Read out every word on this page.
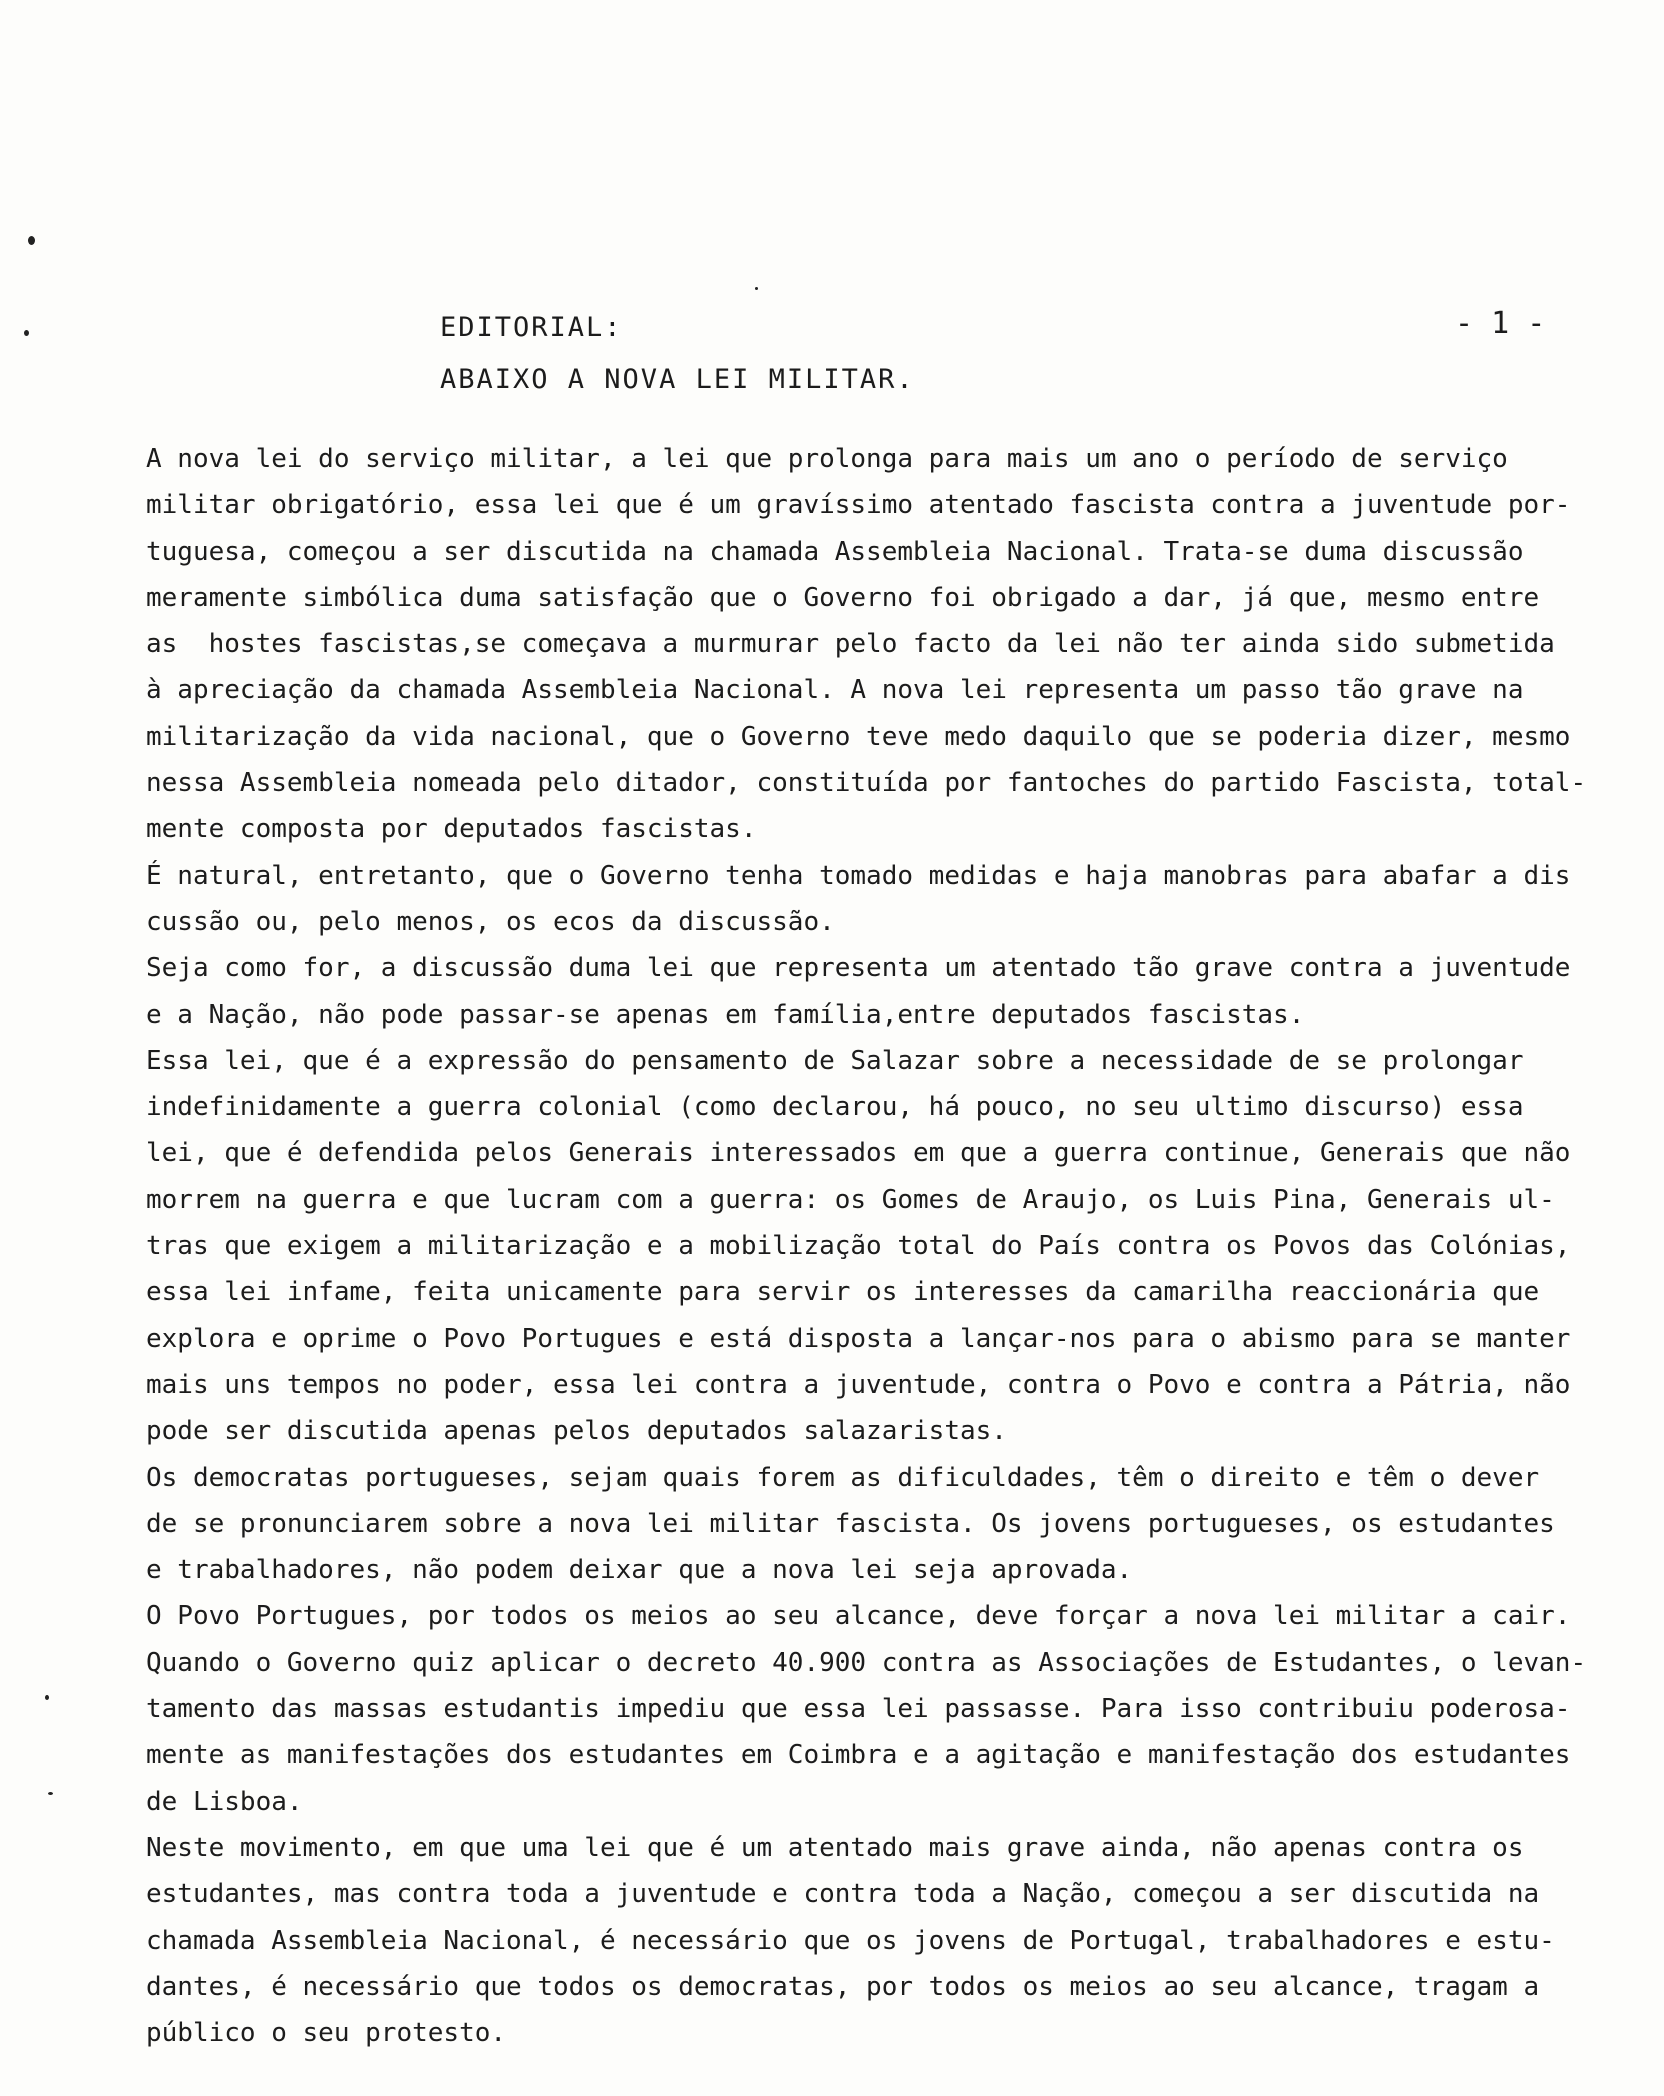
EDITORIAL:
ABAIXO A NOVA LEI MILITAR.
- 1 -
A nova lei do serviço militar, a lei que prolonga para mais um ano o período de serviço
militar obrigatório, essa lei que é um gravíssimo atentado fascista contra a juventude por-
tuguesa, começou a ser discutida na chamada Assembleia Nacional. Trata-se duma discussão
meramente simbólica duma satisfação que o Governo foi obrigado a dar, já que, mesmo entre
as  hostes fascistas,se começava a murmurar pelo facto da lei não ter ainda sido submetida
à apreciação da chamada Assembleia Nacional. A nova lei representa um passo tão grave na
militarização da vida nacional, que o Governo teve medo daquilo que se poderia dizer, mesmo
nessa Assembleia nomeada pelo ditador, constituída por fantoches do partido Fascista, total-
mente composta por deputados fascistas.
É natural, entretanto, que o Governo tenha tomado medidas e haja manobras para abafar a dis
cussão ou, pelo menos, os ecos da discussão.
Seja como for, a discussão duma lei que representa um atentado tão grave contra a juventude
e a Nação, não pode passar-se apenas em família,entre deputados fascistas.
Essa lei, que é a expressão do pensamento de Salazar sobre a necessidade de se prolongar
indefinidamente a guerra colonial (como declarou, há pouco, no seu ultimo discurso) essa
lei, que é defendida pelos Generais interessados em que a guerra continue, Generais que não
morrem na guerra e que lucram com a guerra: os Gomes de Araujo, os Luis Pina, Generais ul-
tras que exigem a militarização e a mobilização total do País contra os Povos das Colónias,
essa lei infame, feita unicamente para servir os interesses da camarilha reaccionária que
explora e oprime o Povo Portugues e está disposta a lançar-nos para o abismo para se manter
mais uns tempos no poder, essa lei contra a juventude, contra o Povo e contra a Pátria, não
pode ser discutida apenas pelos deputados salazaristas.
Os democratas portugueses, sejam quais forem as dificuldades, têm o direito e têm o dever
de se pronunciarem sobre a nova lei militar fascista. Os jovens portugueses, os estudantes
e trabalhadores, não podem deixar que a nova lei seja aprovada.
O Povo Portugues, por todos os meios ao seu alcance, deve forçar a nova lei militar a cair.
Quando o Governo quiz aplicar o decreto 40.900 contra as Associações de Estudantes, o levan-
tamento das massas estudantis impediu que essa lei passasse. Para isso contribuiu poderosa-
mente as manifestações dos estudantes em Coimbra e a agitação e manifestação dos estudantes
de Lisboa.
Neste movimento, em que uma lei que é um atentado mais grave ainda, não apenas contra os
estudantes, mas contra toda a juventude e contra toda a Nação, começou a ser discutida na
chamada Assembleia Nacional, é necessário que os jovens de Portugal, trabalhadores e estu-
dantes, é necessário que todos os democratas, por todos os meios ao seu alcance, tragam a
público o seu protesto.
